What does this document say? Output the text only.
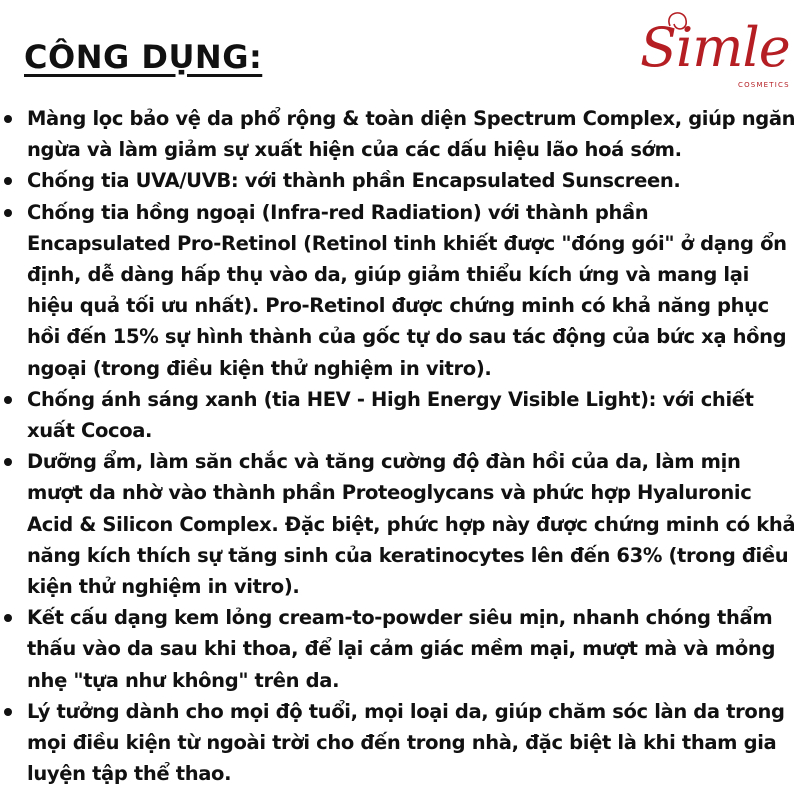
CÔNG DỤNG:	Simle
COSMETICS
Màng lọc bảo vệ da phổ rộng & toàn diện Spectrum Complex, giúp ngăn ngừa và làm giảm sự xuất hiện của các dấu hiệu lão hoá sớm.
Chống tia UVA/UVB: với thành phần Encapsulated Sunscreen.
Chống tia hồng ngoại (Infra-red Radiation) với thành phần Encapsulated Pro-Retinol (Retinol tinh khiết được "đóng gói" ở dạng ổn định, dễ dàng hấp thụ vào da, giúp giảm thiểu kích ứng và mang lại hiệu quả tối ưu nhất). Pro-Retinol được chứng minh có khả năng phục hồi đến 15% sự hình thành của gốc tự do sau tác động của bức xạ hồng ngoại (trong điều kiện thử nghiệm in vitro).
Chống ánh sáng xanh (tia HEV - High Energy Visible Light): với chiết xuất Cocoa.
Dưỡng ẩm, làm săn chắc và tăng cường độ đàn hồi của da, làm mịn mượt da nhờ vào thành phần Proteoglycans và phức hợp Hyaluronic Acid & Silicon Complex. Đặc biệt, phức hợp này được chứng minh có khả năng kích thích sự tăng sinh của keratinocytes lên đến 63% (trong điều kiện thử nghiệm in vitro).
Kết cấu dạng kem lỏng cream-to-powder siêu mịn, nhanh chóng thẩm thấu vào da sau khi thoa, để lại cảm giác mềm mại, mượt mà và mỏng nhẹ "tựa như không" trên da.
Lý tưởng dành cho mọi độ tuổi, mọi loại da, giúp chăm sóc làn da trong mọi điều kiện từ ngoài trời cho đến trong nhà, đặc biệt là khi tham gia luyện tập thể thao.
